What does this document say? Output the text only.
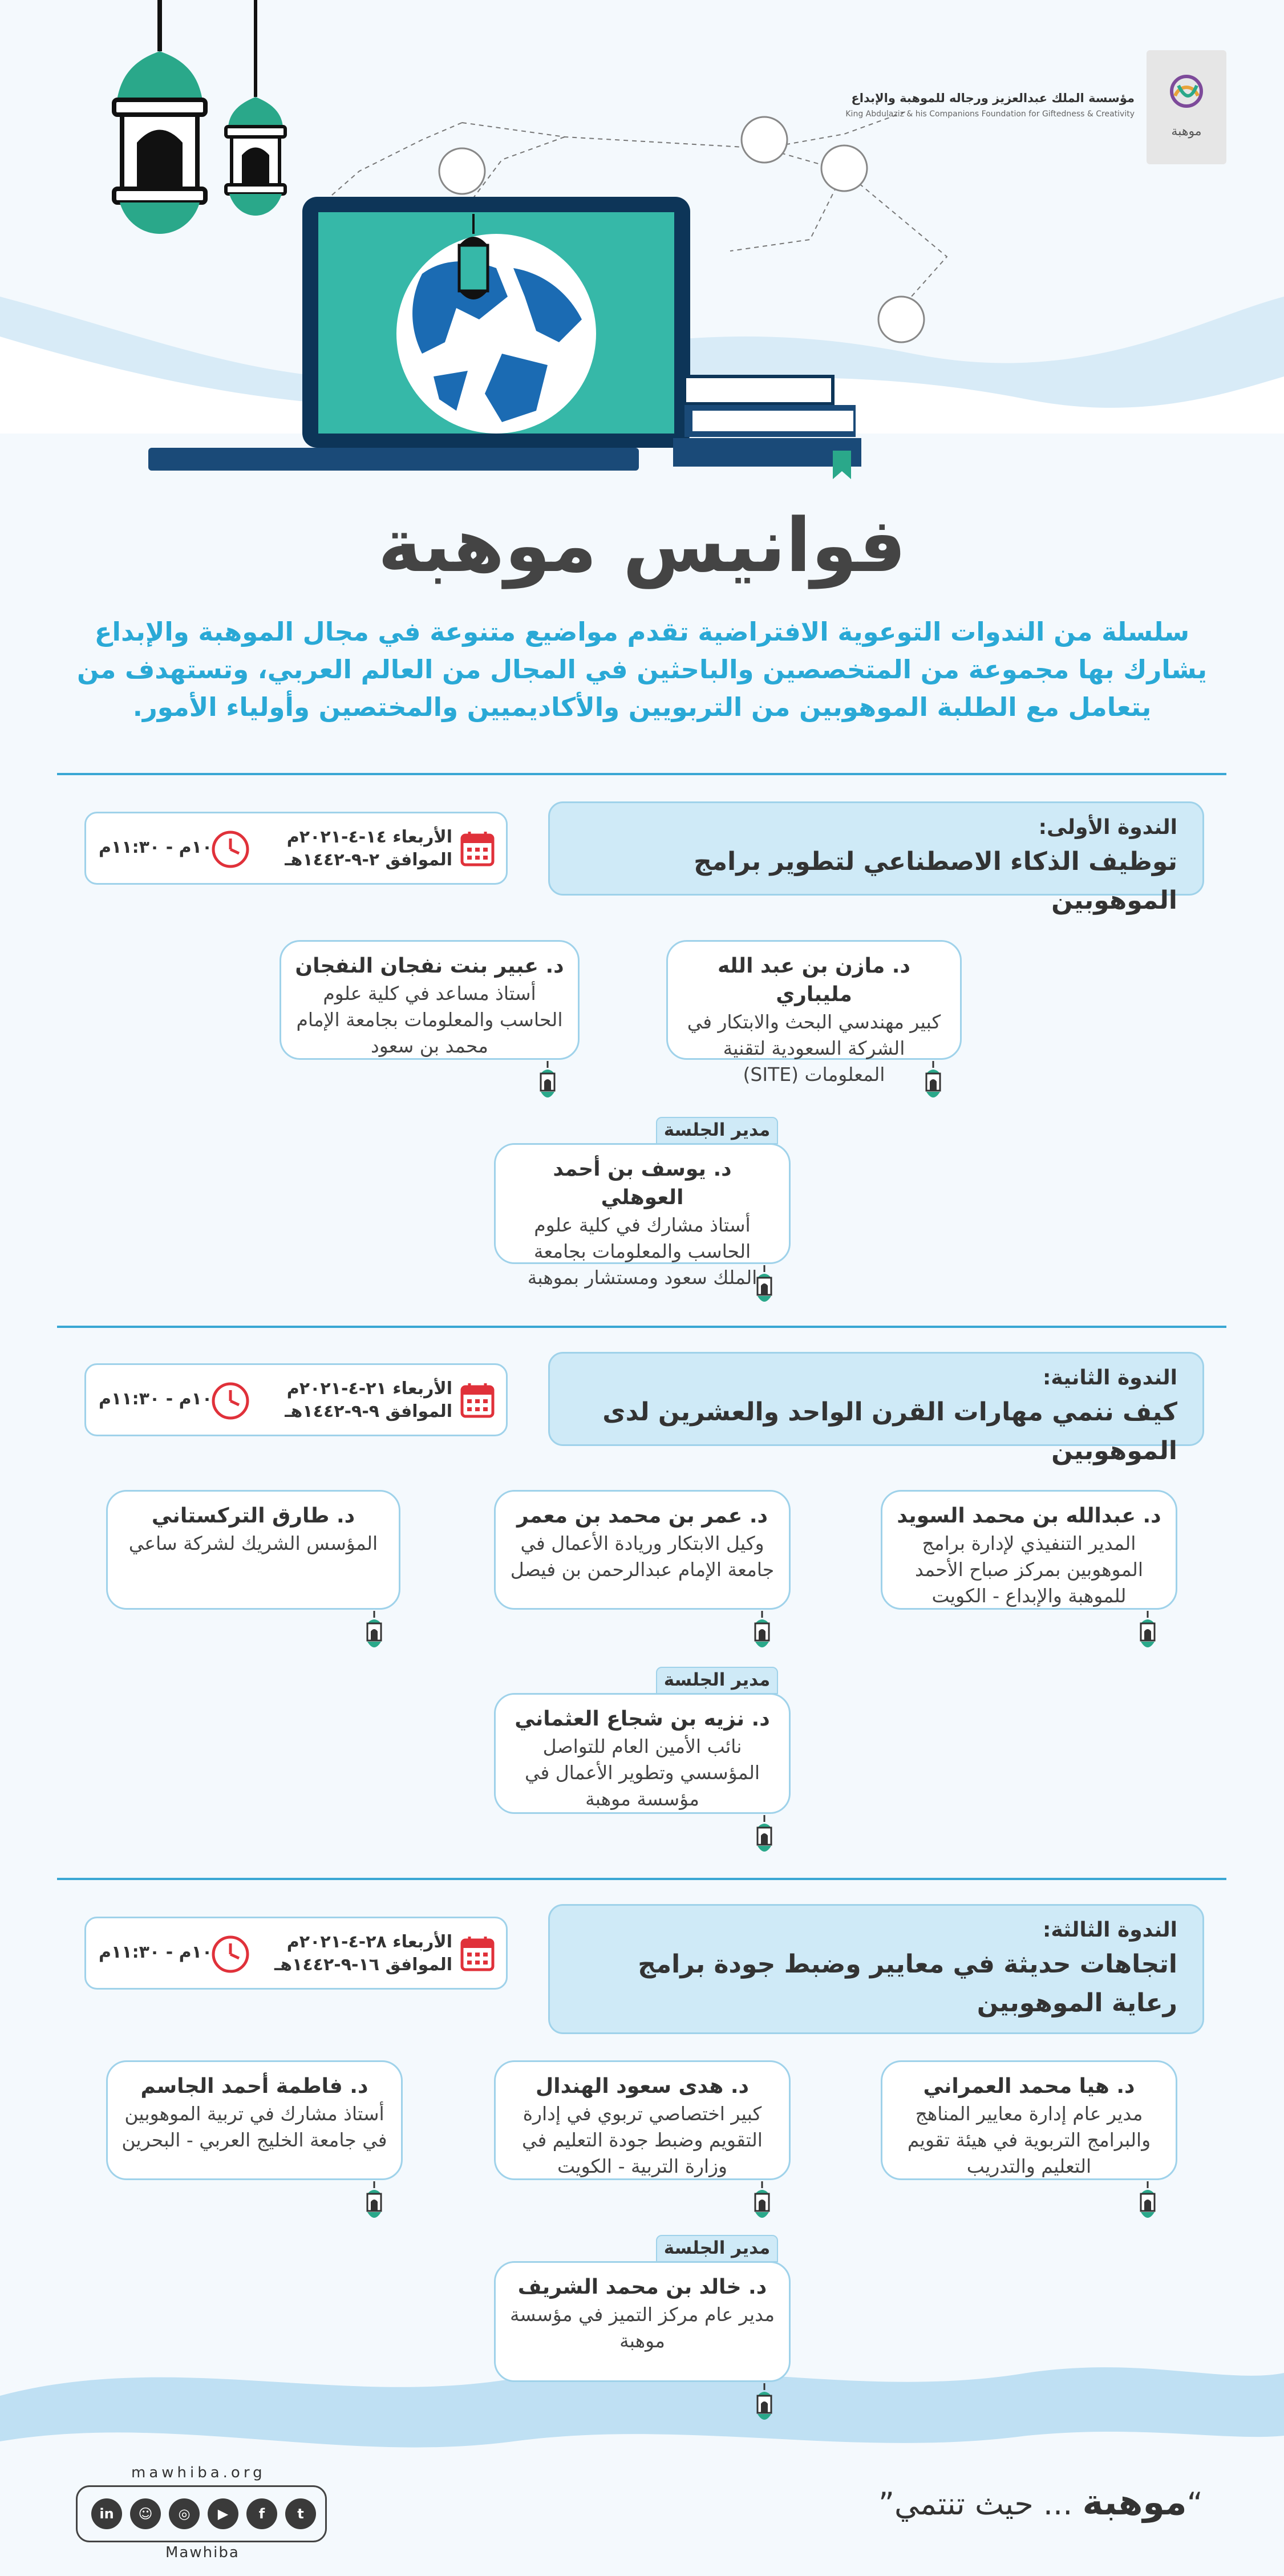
موهبة
مؤسسة الملك عبدالعزيز ورجاله للموهبة والإبداع
King Abdulaziz & his Companions Foundation for Giftedness & Creativity
فوانيس موهبة
سلسلة من الندوات التوعوية الافتراضية تقدم مواضيع متنوعة في مجال الموهبة والإبداع
يشارك بها مجموعة من المتخصصين والباحثين في المجال من العالم العربي، وتستهدف من
يتعامل مع الطلبة الموهوبين من التربويين والأكاديميين والمختصين وأولياء الأمور.
الندوة الأولى:
توظيف الذكاء الاصطناعي لتطوير برامج الموهوبين
الأربعاء ١٤-٤-٢٠٢١م
الموافق ٢-٩-١٤٤٢هـ
١٠م - ١١:٣٠م
د. مازن بن عبد الله مليباري
كبير مهندسي البحث والابتكار في الشركة السعودية لتقنية المعلومات (SITE)
د. عبير بنت نفجان النفجان
أستاذ مساعد في كلية علوم الحاسب والمعلومات بجامعة الإمام محمد بن سعود
مدير الجلسة
د. يوسف بن أحمد العوهلي
أستاذ مشارك في كلية علوم الحاسب والمعلومات بجامعة الملك سعود ومستشار بموهبة
الندوة الثانية:
كيف ننمي مهارات القرن الواحد والعشرين لدى الموهوبين
الأربعاء ٢١-٤-٢٠٢١م
الموافق ٩-٩-١٤٤٢هـ
١٠م - ١١:٣٠م
د. عبدالله بن محمد السويد
المدير التنفيذي لإدارة برامج الموهوبين بمركز صباح الأحمد للموهبة والإبداع - الكويت
د. عمر بن محمد بن معمر
وكيل الابتكار وريادة الأعمال في جامعة الإمام عبدالرحمن بن فيصل
د. طارق التركستاني
المؤسس الشريك لشركة ساعي
مدير الجلسة
د. نزيه بن شجاع العثماني
نائب الأمين العام للتواصل المؤسسي وتطوير الأعمال في مؤسسة موهبة
الندوة الثالثة:
اتجاهات حديثة في معايير وضبط جودة برامج رعاية الموهوبين
الأربعاء ٢٨-٤-٢٠٢١م
الموافق ١٦-٩-١٤٤٢هـ
١٠م - ١١:٣٠م
د. هيا محمد العمراني
مدير عام إدارة معايير المناهج والبرامج التربوية في هيئة تقويم التعليم والتدريب
د. هدى سعود الهندال
كبير اختصاصي تربوي في إدارة التقويم وضبط جودة التعليم في وزارة التربية - الكويت
د. فاطمة أحمد الجاسم
أستاذ مشارك في تربية الموهوبين في جامعة الخليج العربي - البحرين
مدير الجلسة
د. خالد بن محمد الشريف
مدير عام مركز التميز في مؤسسة موهبة
“موهبة ... حيث تنتمي”
mawhiba.org
in	☺	◎	▶	f	t
Mawhiba
